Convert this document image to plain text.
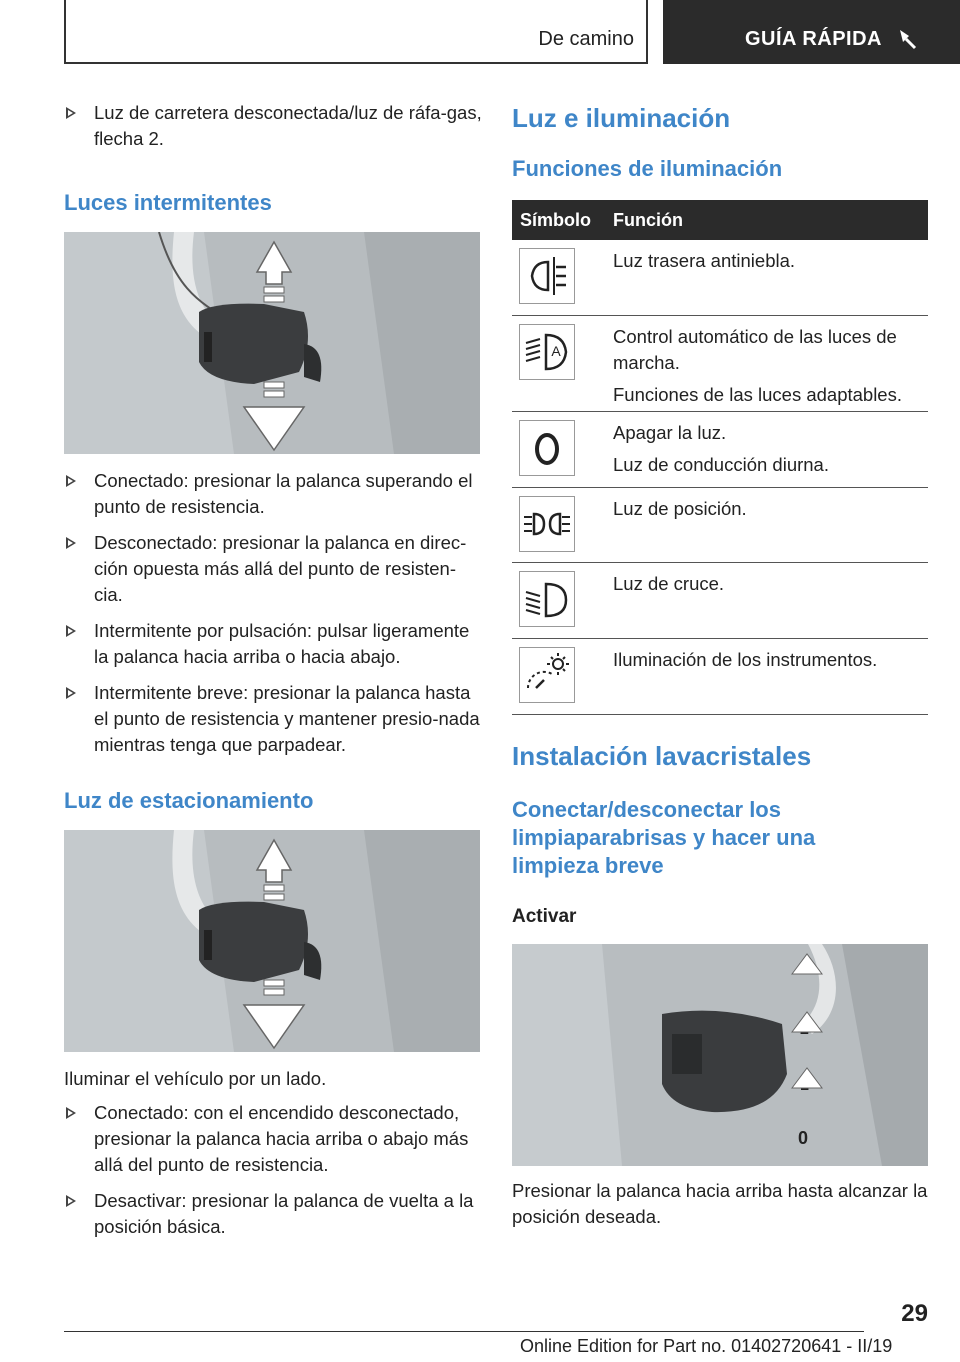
De camino	GUÍA RÁPIDA
Luz de carretera desconectada/luz de ráfa-gas, flecha 2.
Luces intermitentes
Conectado: presionar la palanca superando el punto de resistencia.
Desconectado: presionar la palanca en direc-ción opuesta más allá del punto de resisten-cia.
Intermitente por pulsación: pulsar ligeramente la palanca hacia arriba o hacia abajo.
Intermitente breve: presionar la palanca hasta el punto de resistencia y mantener presio-nada mientras tenga que parpadear.
Luz de estacionamiento
Iluminar el vehículo por un lado.
Conectado: con el encendido desconectado, presionar la palanca hacia arriba o abajo más allá del punto de resistencia.
Desactivar: presionar la palanca de vuelta a la posición básica.
Luz e iluminación
Funciones de iluminación
Símbolo Función
Luz trasera antiniebla.
A
Control automático de las luces de marcha.
Funciones de las luces adaptables.
Apagar la luz.
Luz de conducción diurna.
Luz de posición.
Luz de cruce.
Iluminación de los instrumentos.
Instalación lavacristales
Conectar/desconectar los limpiaparabrisas y hacer una limpieza breve
Activar
0
Presionar la palanca hacia arriba hasta alcanzar la posición deseada.
29
Online Edition for Part no. 01402720641 - II/19
